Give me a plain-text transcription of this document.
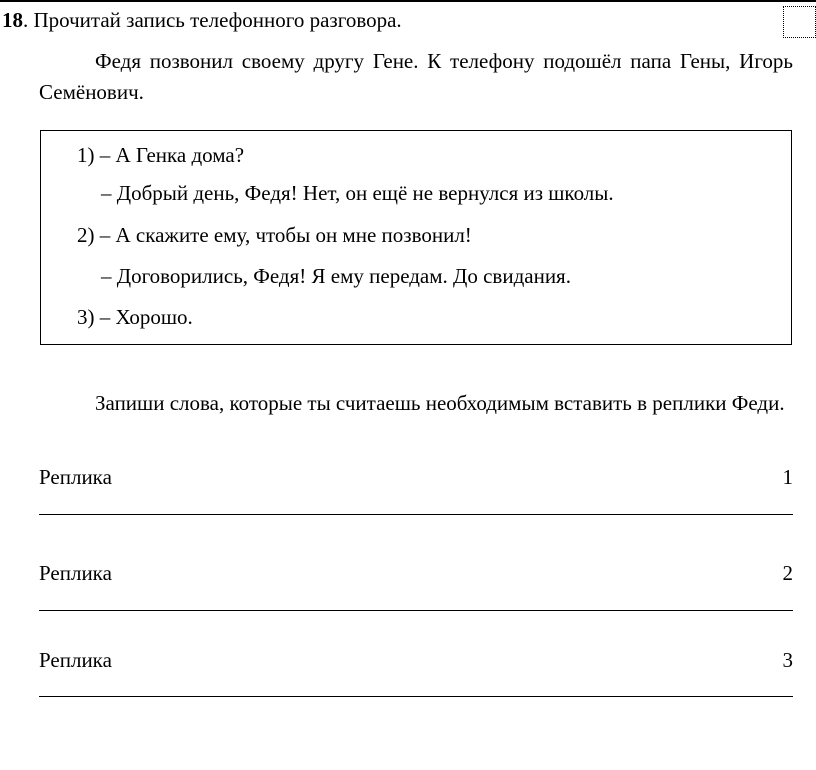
18. Прочитай запись телефонного разговора.
Федя позвонил своему другу Гене. К телефону подошёл папа Гены, Игорь Семёнович.
1) – А Генка дома?
– Добрый день, Федя! Нет, он ещё не вернулся из школы.
2) – А скажите ему, чтобы он мне позвонил!
– Договорились, Федя! Я ему передам. До свидания.
3) – Хорошо.
Запиши слова, которые ты считаешь необходимым вставить в реплики Феди.
Реплика	1
Реплика	2
Реплика	3
